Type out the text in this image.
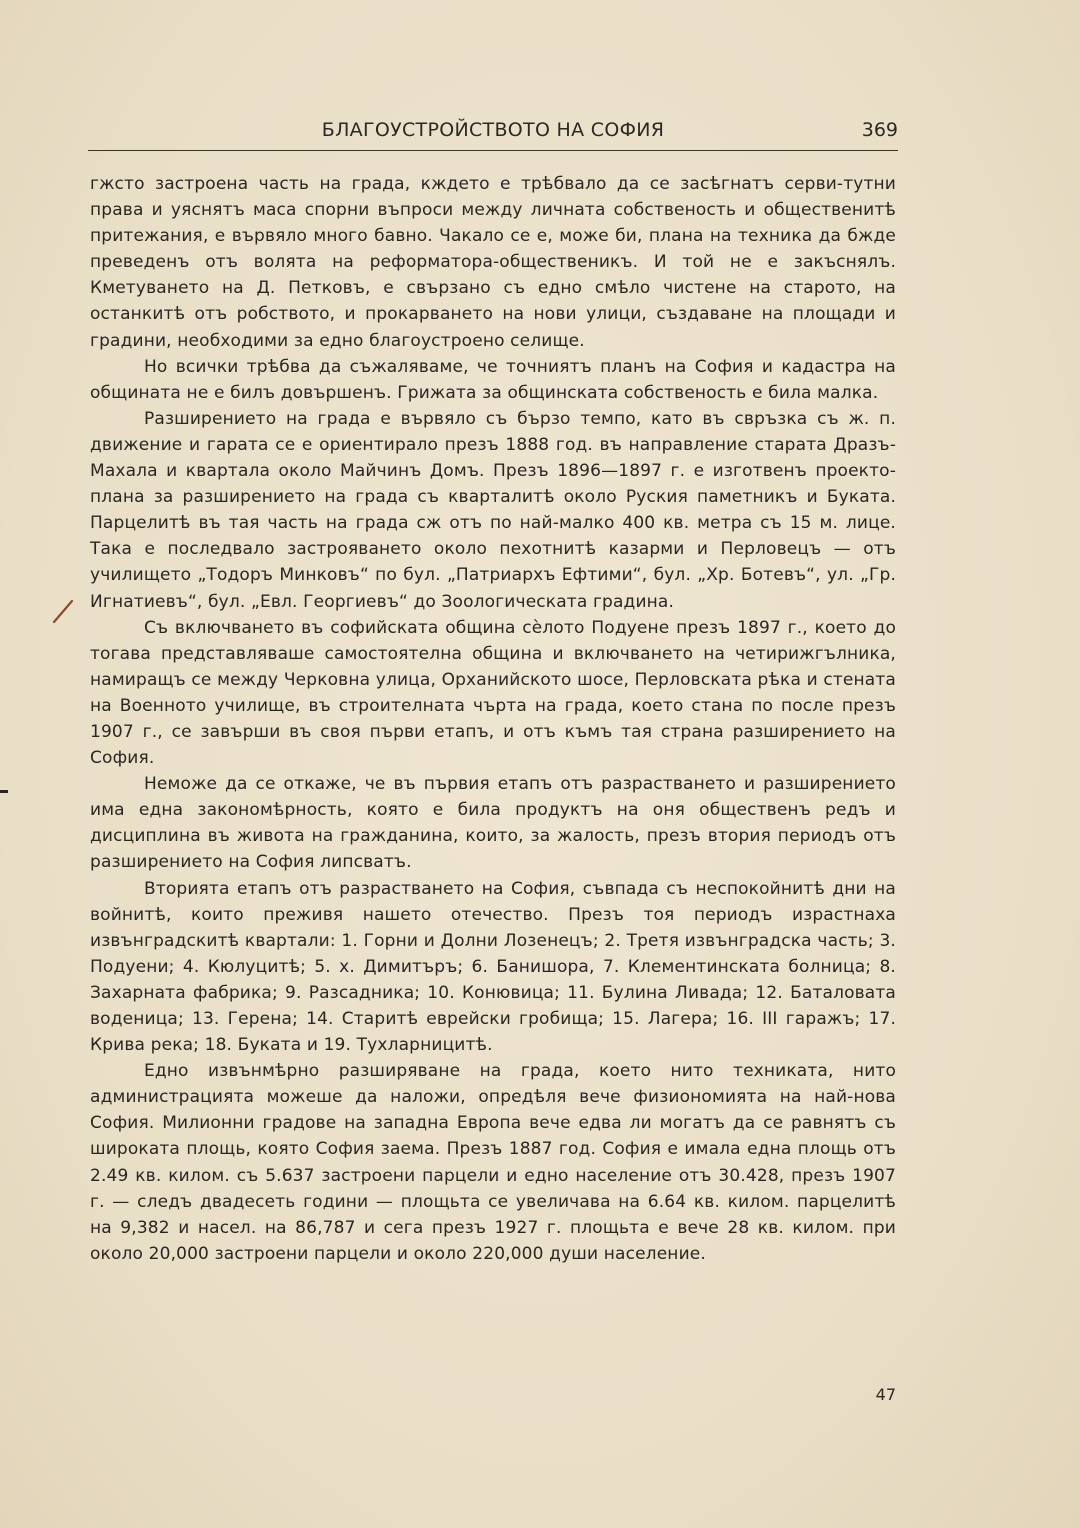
БЛАГОУСТРОЙСТВОТО НА СОФИЯ	369

гжсто застроена часть на града, кждето е трѣбвало да се засѣгнатъ серви-тутни права и уяснятъ маса спорни въпроси между личната собственость и общественитѣ притежания, е вървяло много бавно. Чакало се е, може би, плана на техника да бжде преведенъ отъ волята на реформатора-общественикъ. И той не е закъснялъ. Кметуването на Д. Петковъ, е свързано съ едно смѣло чистене на старото, на останкитѣ отъ робството, и прокарването на нови улици, създаване на площади и градини, необходими за едно благоустроено селище.

Но всички трѣбва да съжаляваме, че точниятъ планъ на София и кадастра на общината не е билъ довършенъ. Грижата за общинската собственость е била малка.

Разширението на града е вървяло съ бързо темпо, като въ свръзка съ ж. п. движение и гарата се е ориентирало презъ 1888 год. въ направление старата Дразъ-Махала и квартала около Майчинъ Домъ. Презъ 1896—1897 г. е изготвенъ проекто-плана за разширението на града съ кварталитѣ около Руския паметникъ и Буката. Парцелитѣ въ тая часть на града сж отъ по най-малко 400 кв. метра съ 15 м. лице. Така е последвало застрояването около пехотнитѣ казарми и Перловецъ — отъ училището „Тодоръ Минковъ“ по бул. „Патриархъ Ефтими“, бул. „Хр. Ботевъ“, ул. „Гр. Игнатиевъ“, бул. „Евл. Георгиевъ“ до Зоологическата градина.

Съ включването въ софийската община сѐлото Подуене презъ 1897 г., което до тогава представляваше самостоятелна община и включването на четирижгълника, намиращъ се между Черковна улица, Орханийското шосе, Перловската рѣка и стената на Военното училище, въ строителната чърта на града, което стана по после презъ 1907 г., се завърши въ своя първи етапъ, и отъ къмъ тая страна разширението на София.

Неможе да се откаже, че въ първия етапъ отъ разрастването и разширението има една закономѣрность, която е била продуктъ на оня общественъ редъ и дисциплина въ живота на гражданина, които, за жалость, презъ втория периодъ отъ разширението на София липсватъ.

Вторията етапъ отъ разрастването на София, съвпада съ неспокойнитѣ дни на войнитѣ, които преживя нашето отечество. Презъ тоя периодъ израстнаха извънградскитѣ квартали: 1. Горни и Долни Лозенецъ; 2. Третя извънградска часть; 3. Подуени; 4. Кюлуцитѣ; 5. х. Димитъръ; 6. Банишора, 7. Клементинската болница; 8. Захарната фабрика; 9. Разсадника; 10. Конювица; 11. Булина Ливада; 12. Баталовата воденица; 13. Герена; 14. Старитѣ еврейски гробища; 15. Лагера; 16. III гаражъ; 17. Крива река; 18. Буката и 19. Тухларницитѣ.

Едно извънмѣрно разширяване на града, което нито техниката, нито администрацията можеше да наложи, опредѣля вече физиономията на най-нова София. Милионни градове на западна Европа вече едва ли могатъ да се равнятъ съ широката площь, която София заема. Презъ 1887 год. София е имала една площь отъ 2.49 кв. килом. съ 5.637 застроени парцели и едно население отъ 30.428, презъ 1907 г. — следъ двадесеть години — площьта се увеличава на 6.64 кв. килом. парцелитѣ на 9,382 и насел. на 86,787 и сега презъ 1927 г. площьта е вече 28 кв. килом. при около 20,000 застроени парцели и около 220,000 души население.

47
